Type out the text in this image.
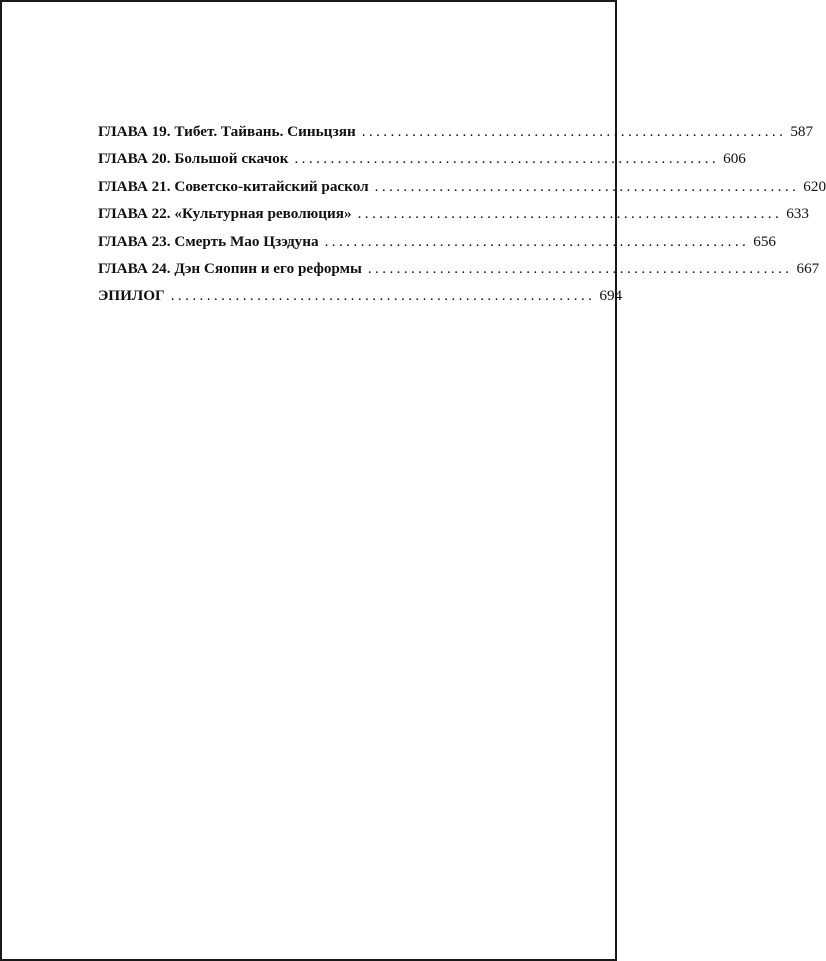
ГЛАВА 19. Тибет. Тайвань. Синьцзян ........................................................... 587
ГЛАВА 20. Большой скачок ........................................................... 606
ГЛАВА 21. Советско-китайский раскол ........................................................... 620
ГЛАВА 22. «Культурная революция» ........................................................... 633
ГЛАВА 23. Смерть Мао Цзэдуна ........................................................... 656
ГЛАВА 24. Дэн Сяопин и его реформы ........................................................... 667
ЭПИЛОГ ........................................................... 694
